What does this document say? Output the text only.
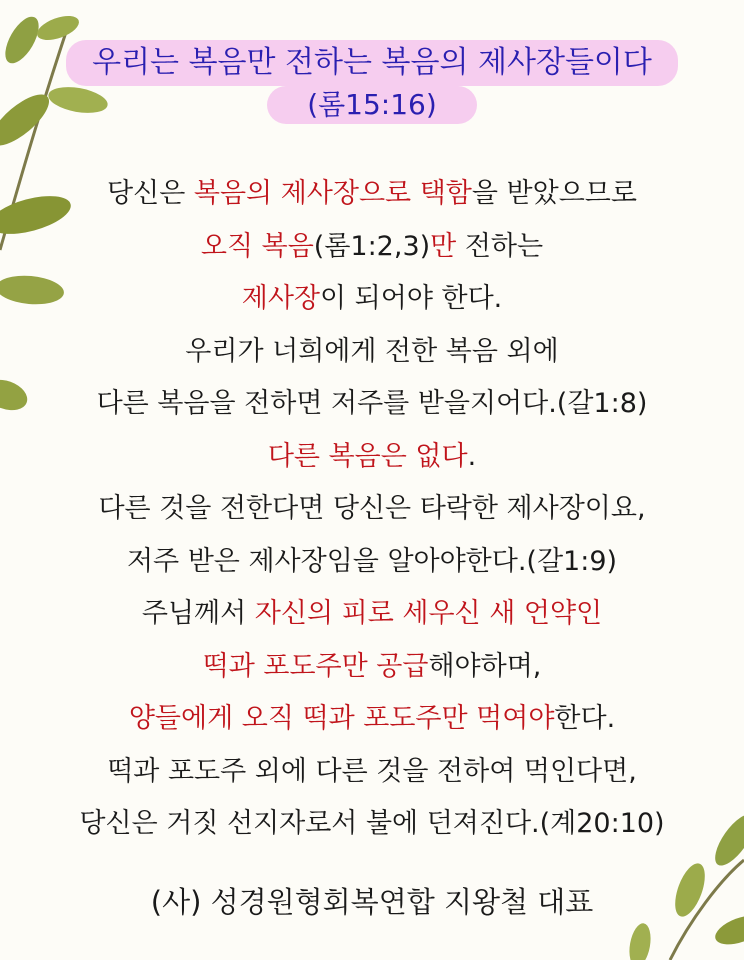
우리는 복음만 전하는 복음의 제사장들이다
(롬15:16)
당신은 복음의 제사장으로 택함을 받았으므로
오직 복음(롬1:2,3)만 전하는
제사장이 되어야 한다.
우리가 너희에게 전한 복음 외에
다른 복음을 전하면 저주를 받을지어다.(갈1:8)
다른 복음은 없다.
다른 것을 전한다면 당신은 타락한 제사장이요,
저주 받은 제사장임을 알아야한다.(갈1:9)
주님께서 자신의 피로 세우신 새 언약인
떡과 포도주만 공급해야하며,
양들에게 오직 떡과 포도주만 먹여야한다.
떡과 포도주 외에 다른 것을 전하여 먹인다면,
당신은 거짓 선지자로서 불에 던져진다.(계20:10)
(사) 성경원형회복연합 지왕철 대표
